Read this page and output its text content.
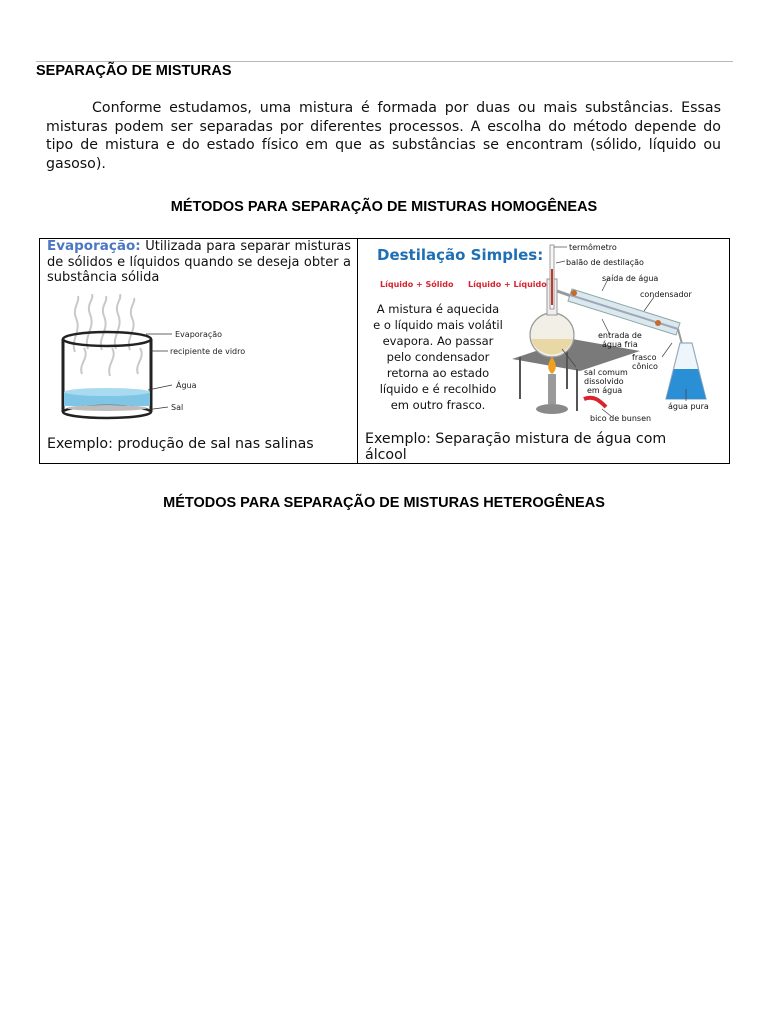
SEPARAÇÃO DE MISTURAS
Conforme estudamos, uma mistura é formada por duas ou mais substâncias. Essas misturas podem ser separadas por diferentes processos. A escolha do método depende do tipo de mistura e do estado físico em que as substâncias se encontram (sólido, líquido ou gasoso).
MÉTODOS PARA SEPARAÇÃO DE MISTURAS HOMOGÊNEAS
Evaporação: Utilizada para separar misturas de sólidos e líquidos quando se deseja obter a substância sólida
Evaporação
recipiente de vidro
Água
Sal
Exemplo: produção de sal nas salinas

Destilação Simples:
Líquido + Sólido Líquido + Líquido
A mistura é aquecida
e o líquido mais volátil
evapora. Ao passar
pelo condensador
retorna ao estado
líquido e é recolhido
em outro frasco.
termômetro
balão de destilação
saída de água
condensador
entrada de
água fria
frasco
cônico
sal comum
dissolvido
em água
água pura
bico de bunsen
Exemplo: Separação mistura de água com álcool
MÉTODOS PARA SEPARAÇÃO DE MISTURAS HETEROGÊNEAS
